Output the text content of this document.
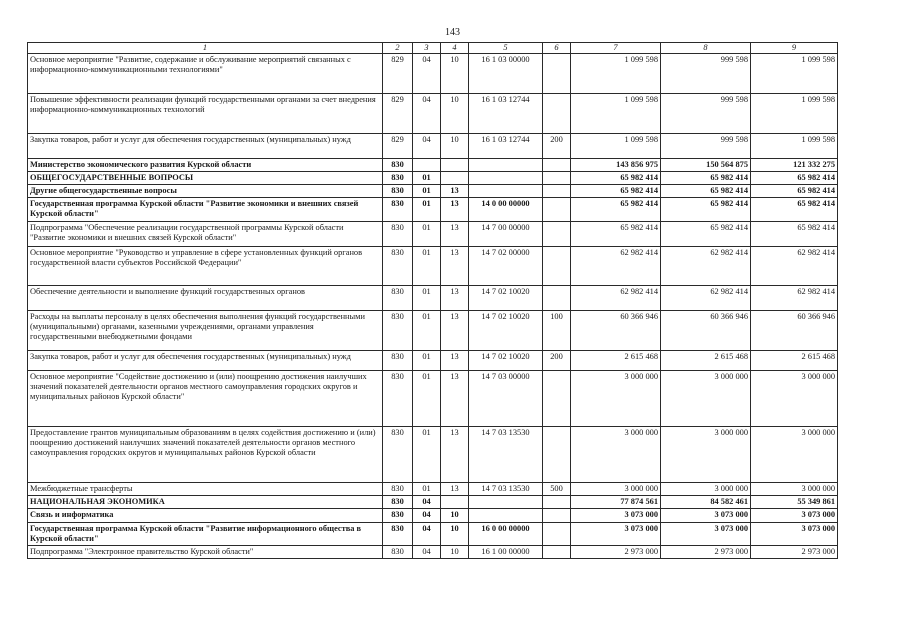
143
1	2	3	4	5	6	7	8	9
Основное мероприятие "Развитие, содержание и обслуживание мероприятий связанных с информационно-коммуникационными технологиями"	829	04	10	16 1 03 00000		1 099 598	999 598	1 099 598
Повышение эффективности реализации функций государственными органами за счет внедрения информационно-коммуникационных технологий	829	04	10	16 1 03 12744		1 099 598	999 598	1 099 598
Закупка товаров, работ и услуг для обеспечения государственных (муниципальных) нужд	829	04	10	16 1 03 12744	200	1 099 598	999 598	1 099 598
Министерство экономического развития Курской области	830					143 856 975	150 564 875	121 332 275
ОБЩЕГОСУДАРСТВЕННЫЕ ВОПРОСЫ	830	01				65 982 414	65 982 414	65 982 414
Другие общегосударственные вопросы	830	01	13			65 982 414	65 982 414	65 982 414
Государственная программа Курской области "Развитие экономики и внешних связей Курской области"	830	01	13	14 0 00 00000		65 982 414	65 982 414	65 982 414
Подпрограмма "Обеспечение реализации государственной программы Курской области "Развитие экономики и внешних связей Курской области"	830	01	13	14 7 00 00000		65 982 414	65 982 414	65 982 414
Основное мероприятие "Руководство и управление в сфере установленных функций органов государственной власти субъектов Российской Федерации"	830	01	13	14 7 02 00000		62 982 414	62 982 414	62 982 414
Обеспечение деятельности и выполнение функций государственных органов	830	01	13	14 7 02 10020		62 982 414	62 982 414	62 982 414
Расходы на выплаты персоналу в целях обеспечения выполнения функций государственными (муниципальными) органами, казенными учреждениями, органами управления государственными внебюджетными фондами	830	01	13	14 7 02 10020	100	60 366 946	60 366 946	60 366 946
Закупка товаров, работ и услуг для обеспечения государственных (муниципальных) нужд	830	01	13	14 7 02 10020	200	2 615 468	2 615 468	2 615 468
Основное мероприятие "Содействие достижению и (или) поощрению достижения наилучших значений показателей деятельности органов местного самоуправления городских округов и муниципальных районов Курской области"	830	01	13	14 7 03 00000		3 000 000	3 000 000	3 000 000
Предоставление грантов муниципальным образованиям в целях содействия достижению и (или) поощрению достижений наилучших значений показателей деятельности органов местного самоуправления городских округов и муниципальных районов Курской области	830	01	13	14 7 03 13530		3 000 000	3 000 000	3 000 000
Межбюджетные трансферты	830	01	13	14 7 03 13530	500	3 000 000	3 000 000	3 000 000
НАЦИОНАЛЬНАЯ ЭКОНОМИКА	830	04				77 874 561	84 582 461	55 349 861
Связь и информатика	830	04	10			3 073 000	3 073 000	3 073 000
Государственная программа Курской области "Развитие информационного общества в Курской области"	830	04	10	16 0 00 00000		3 073 000	3 073 000	3 073 000
Подпрограмма "Электронное правительство Курской области"	830	04	10	16 1 00 00000		2 973 000	2 973 000	2 973 000
